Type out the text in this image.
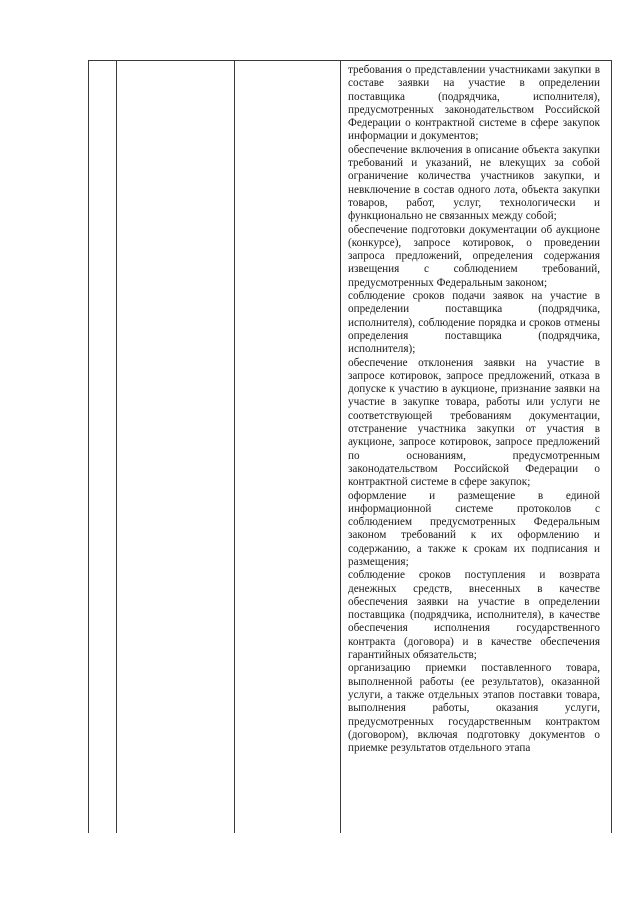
требования о представлении участниками закупки в составе заявки на участие в определении поставщика (подрядчика, исполнителя), предусмотренных законодательством Российской Федерации о контрактной системе в сфере закупок информации и документов;

обеспечение включения в описание объекта закупки требований и указаний, не влекущих за собой ограничение количества участников закупки, и невключение в состав одного лота, объекта закупки товаров, работ, услуг, технологически и функционально не связанных между собой;

обеспечение подготовки документации об аукционе (конкурсе), запросе котировок, о проведении запроса предложений, определения содержания извещения с соблюдением требований, предусмотренных Федеральным законом;

соблюдение сроков подачи заявок на участие в определении поставщика (подрядчика, исполнителя), соблюдение порядка и сроков отмены определения поставщика (подрядчика, исполнителя);

обеспечение отклонения заявки на участие в запросе котировок, запросе предложений, отказа в допуске к участию в аукционе, признание заявки на участие в закупке товара, работы или услуги не соответствующей требованиям документации, отстранение участника закупки от участия в аукционе, запросе котировок, запросе предложений по основаниям, предусмотренным законодательством Российской Федерации о контрактной системе в сфере закупок;

оформление и размещение в единой информационной системе протоколов с соблюдением предусмотренных Федеральным законом требований к их оформлению и содержанию, а также к срокам их подписания и размещения;

соблюдение сроков поступления и возврата денежных средств, внесенных в качестве обеспечения заявки на участие в определении поставщика (подрядчика, исполнителя), в качестве обеспечения исполнения государственного контракта (договора) и в качестве обеспечения гарантийных обязательств;

организацию приемки поставленного товара, выполненной работы (ее результатов), оказанной услуги, а также отдельных этапов поставки товара, выполнения работы, оказания услуги, предусмотренных государственным контрактом (договором), включая подготовку документов о приемке результатов отдельного этапа
